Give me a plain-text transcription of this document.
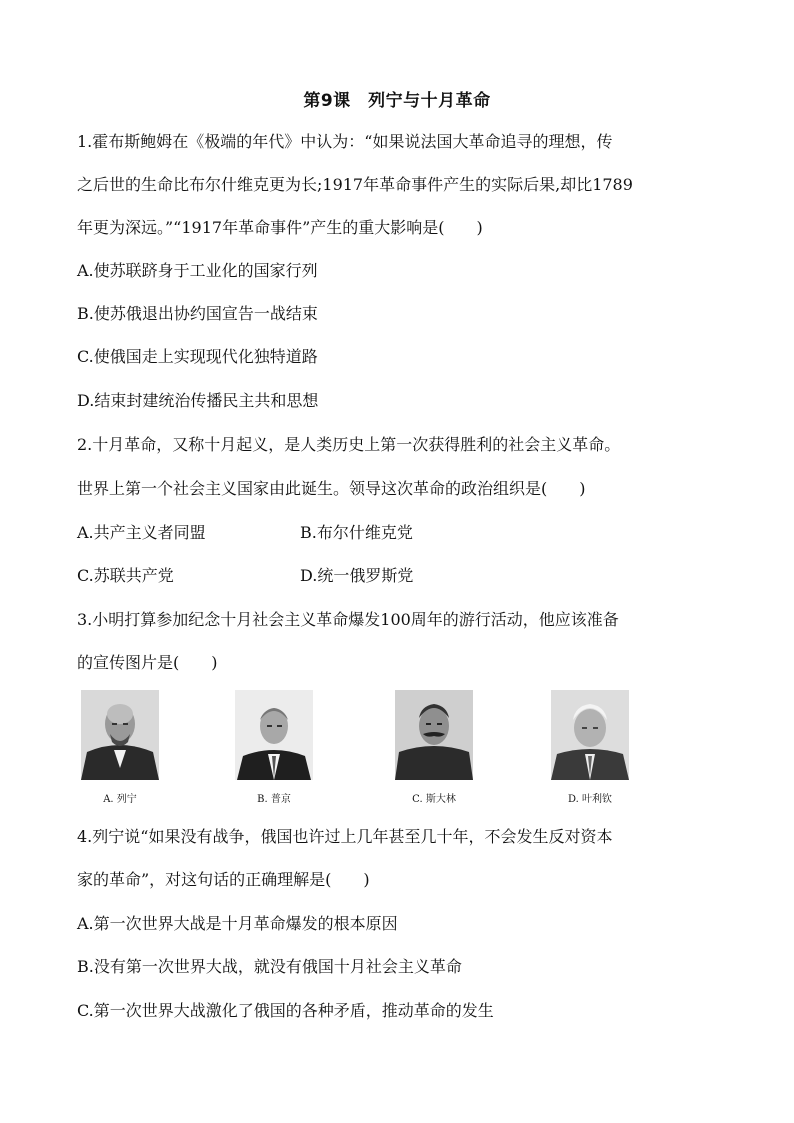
第9课　列宁与十月革命
1.霍布斯鲍姆在《极端的年代》中认为：“如果说法国大革命追寻的理想，传
之后世的生命比布尔什维克更为长;1917年革命事件产生的实际后果,却比1789
年更为深远。”“1917年革命事件”产生的重大影响是(　　)
A.使苏联跻身于工业化的国家行列
B.使苏俄退出协约国宣告一战结束
C.使俄国走上实现现代化独特道路
D.结束封建统治传播民主共和思想
2.十月革命，又称十月起义，是人类历史上第一次获得胜利的社会主义革命。
世界上第一个社会主义国家由此诞生。领导这次革命的政治组织是(　　)
A.共产主义者同盟	B.布尔什维克党
C.苏联共产党	D.统一俄罗斯党
3.小明打算参加纪念十月社会主义革命爆发100周年的游行活动，他应该准备
的宣传图片是(　　)
A. 列宁	B. 普京	C. 斯大林	D. 叶利钦
4.列宁说“如果没有战争，俄国也许过上几年甚至几十年，不会发生反对资本
家的革命”，对这句话的正确理解是(　　)
A.第一次世界大战是十月革命爆发的根本原因
B.没有第一次世界大战，就没有俄国十月社会主义革命
C.第一次世界大战激化了俄国的各种矛盾，推动革命的发生
